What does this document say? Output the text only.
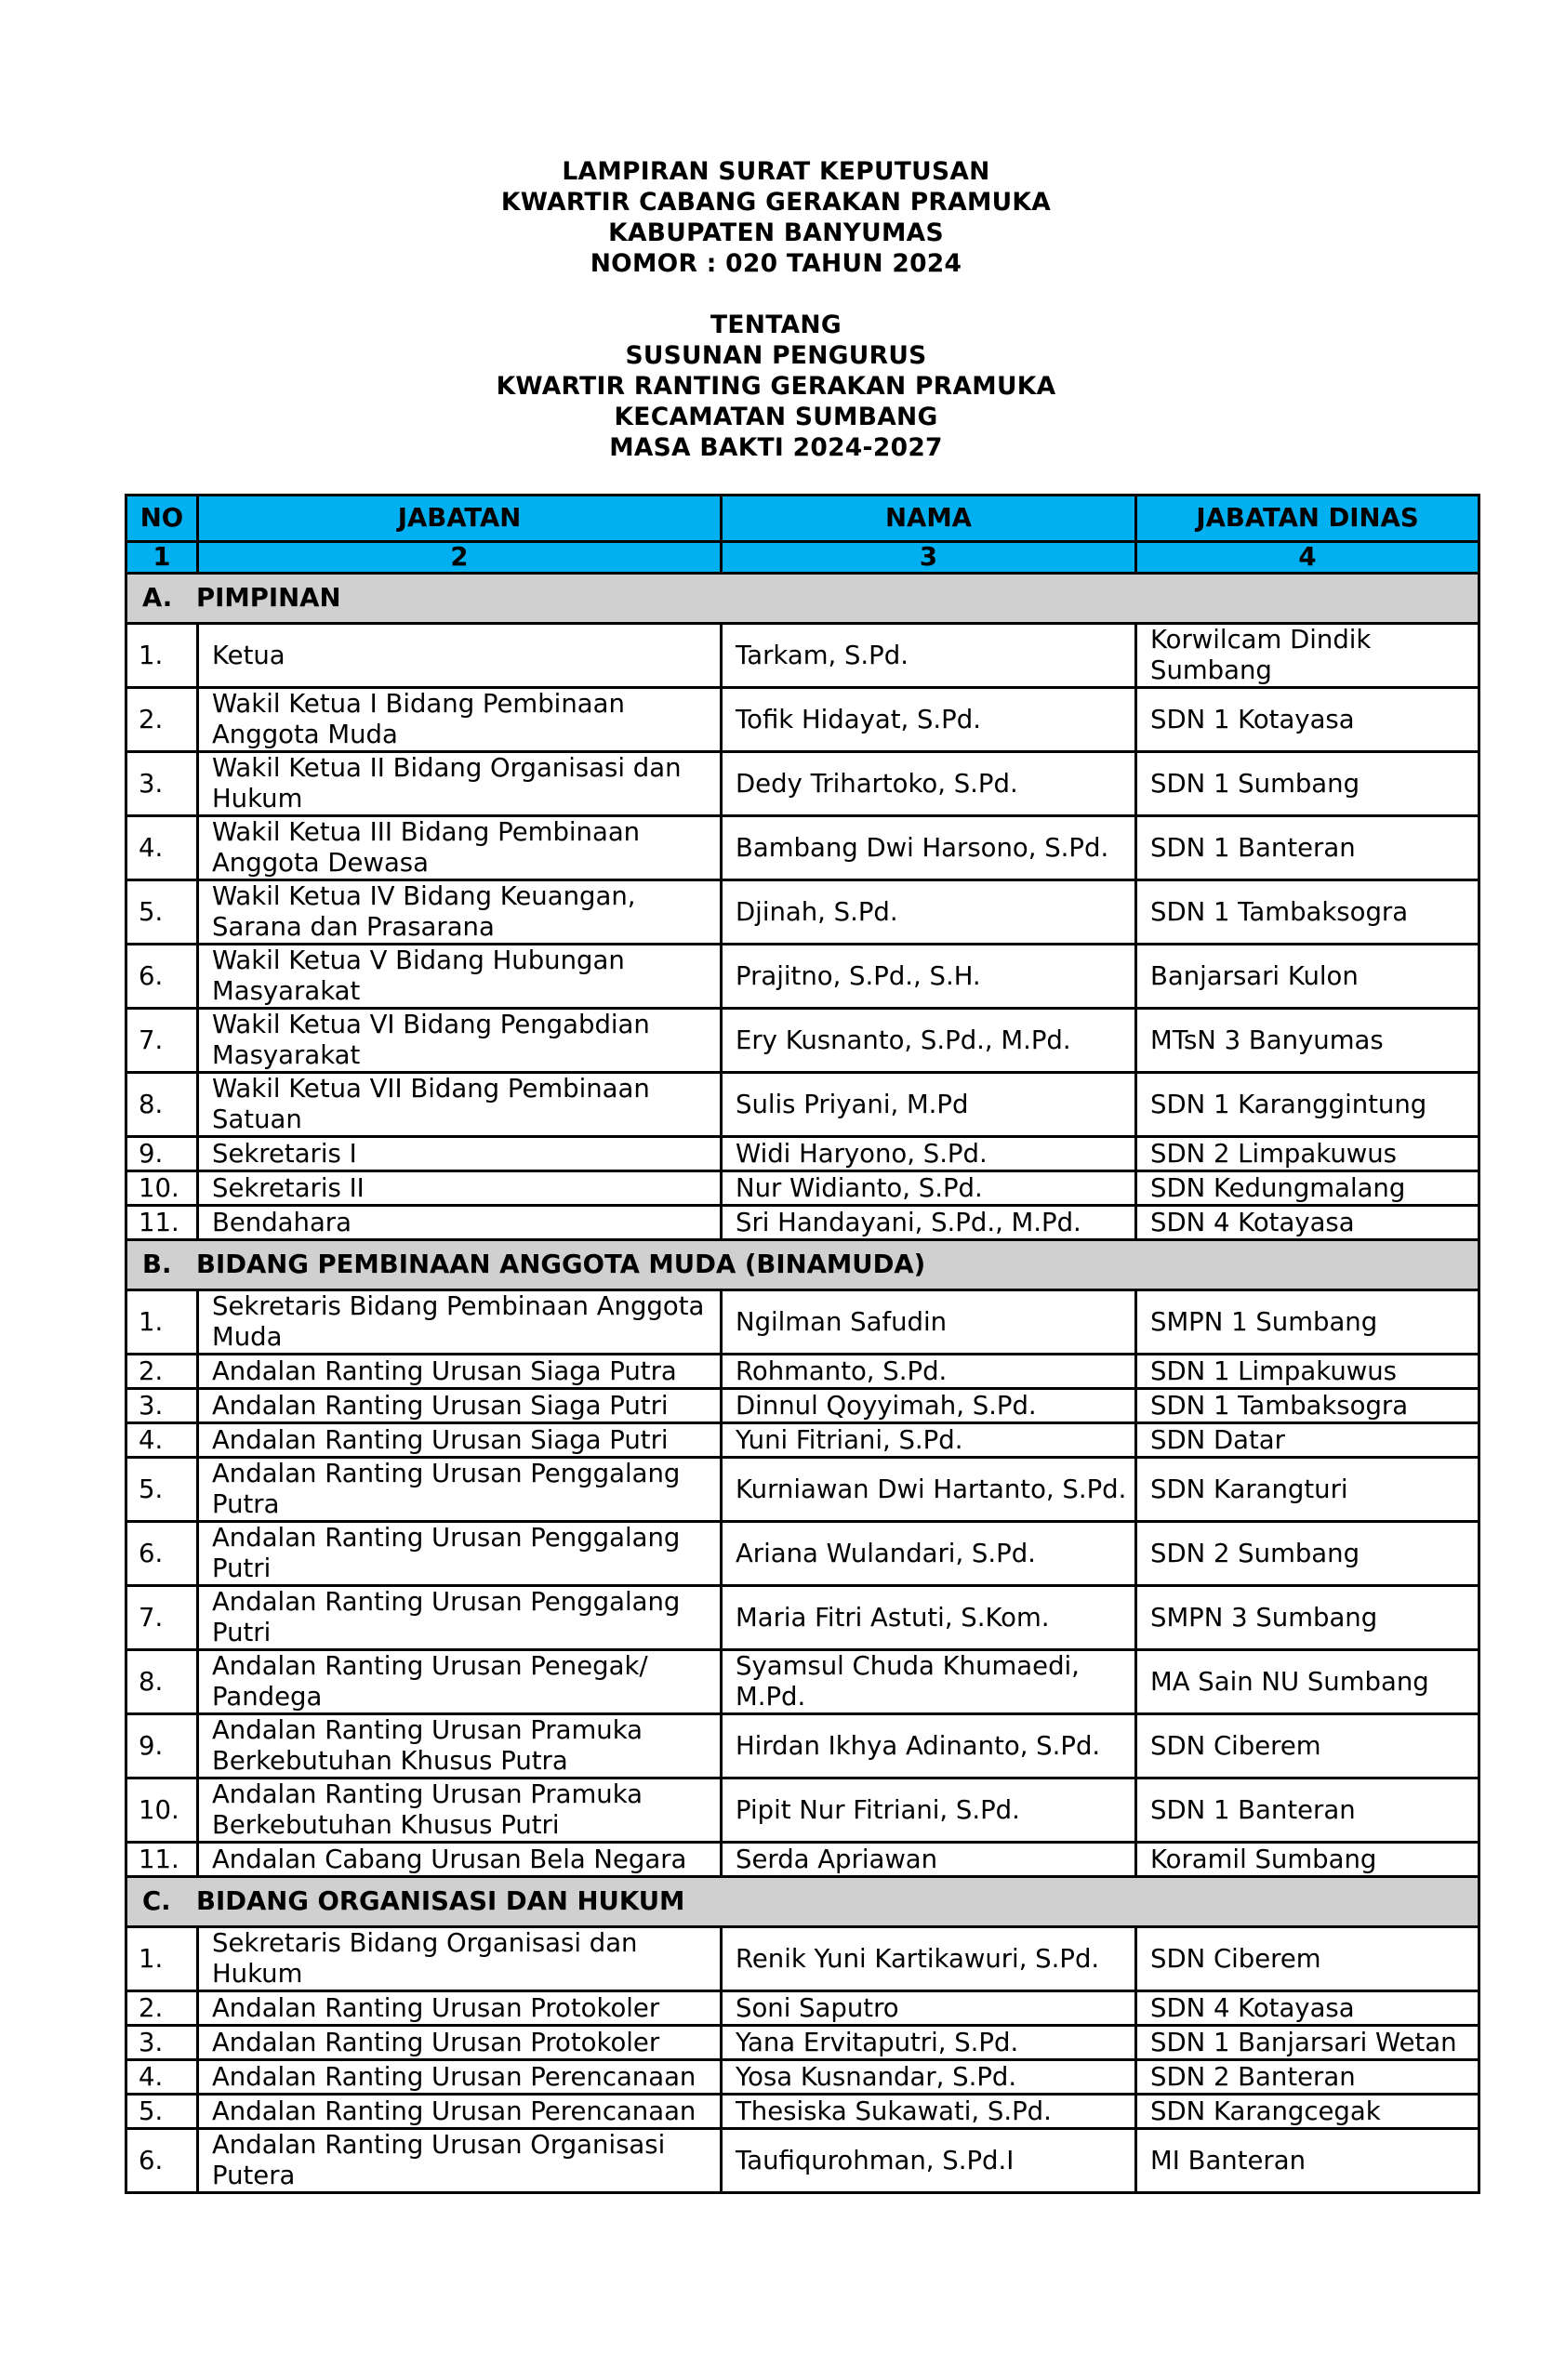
LAMPIRAN SURAT KEPUTUSAN
KWARTIR CABANG GERAKAN PRAMUKA
KABUPATEN BANYUMAS
NOMOR : 020 TAHUN 2024
TENTANG
SUSUNAN PENGURUS
KWARTIR RANTING GERAKAN PRAMUKA
KECAMATAN SUMBANG
MASA BAKTI 2024-2027
NO	JABATAN	NAMA	JABATAN DINAS
1	2	3	4
A. PIMPINAN			
1.	Ketua	Tarkam, S.Pd.	Korwilcam Dindik Sumbang
2.	Wakil Ketua I Bidang Pembinaan Anggota Muda	Tofik Hidayat, S.Pd.	SDN 1 Kotayasa
3.	Wakil Ketua II Bidang Organisasi dan Hukum	Dedy Trihartoko, S.Pd.	SDN 1 Sumbang
4.	Wakil Ketua III Bidang Pembinaan Anggota Dewasa	Bambang Dwi Harsono, S.Pd.	SDN 1 Banteran
5.	Wakil Ketua IV Bidang Keuangan, Sarana dan Prasarana	Djinah, S.Pd.	SDN 1 Tambaksogra
6.	Wakil Ketua V Bidang Hubungan Masyarakat	Prajitno, S.Pd., S.H.	Banjarsari Kulon
7.	Wakil Ketua VI Bidang Pengabdian Masyarakat	Ery Kusnanto, S.Pd., M.Pd.	MTsN 3 Banyumas
8.	Wakil Ketua VII Bidang Pembinaan Satuan	Sulis Priyani, M.Pd	SDN 1 Karanggintung
9.	Sekretaris I	Widi Haryono, S.Pd.	SDN 2 Limpakuwus
10.	Sekretaris II	Nur Widianto, S.Pd.	SDN Kedungmalang
11.	Bendahara	Sri Handayani, S.Pd., M.Pd.	SDN 4 Kotayasa
B. BIDANG PEMBINAAN ANGGOTA MUDA (BINAMUDA)			
1.	Sekretaris Bidang Pembinaan Anggota Muda	Ngilman Safudin	SMPN 1 Sumbang
2.	Andalan Ranting Urusan Siaga Putra	Rohmanto, S.Pd.	SDN 1 Limpakuwus
3.	Andalan Ranting Urusan Siaga Putri	Dinnul Qoyyimah, S.Pd.	SDN 1 Tambaksogra
4.	Andalan Ranting Urusan Siaga Putri	Yuni Fitriani, S.Pd.	SDN Datar
5.	Andalan Ranting Urusan Penggalang Putra	Kurniawan Dwi Hartanto, S.Pd.	SDN Karangturi
6.	Andalan Ranting Urusan Penggalang Putri	Ariana Wulandari, S.Pd.	SDN 2 Sumbang
7.	Andalan Ranting Urusan Penggalang Putri	Maria Fitri Astuti, S.Kom.	SMPN 3 Sumbang
8.	Andalan Ranting Urusan Penegak/ Pandega	Syamsul Chuda Khumaedi, M.Pd.	MA Sain NU Sumbang
9.	Andalan Ranting Urusan Pramuka Berkebutuhan Khusus Putra	Hirdan Ikhya Adinanto, S.Pd.	SDN Ciberem
10.	Andalan Ranting Urusan Pramuka Berkebutuhan Khusus Putri	Pipit Nur Fitriani, S.Pd.	SDN 1 Banteran
11.	Andalan Cabang Urusan Bela Negara	Serda Apriawan	Koramil Sumbang
C. BIDANG ORGANISASI DAN HUKUM			
1.	Sekretaris Bidang Organisasi dan Hukum	Renik Yuni Kartikawuri, S.Pd.	SDN Ciberem
2.	Andalan Ranting Urusan Protokoler	Soni Saputro	SDN 4 Kotayasa
3.	Andalan Ranting Urusan Protokoler	Yana Ervitaputri, S.Pd.	SDN 1 Banjarsari Wetan
4.	Andalan Ranting Urusan Perencanaan	Yosa Kusnandar, S.Pd.	SDN 2 Banteran
5.	Andalan Ranting Urusan Perencanaan	Thesiska Sukawati, S.Pd.	SDN Karangcegak
6.	Andalan Ranting Urusan Organisasi Putera	Taufiqurohman, S.Pd.I	MI Banteran
